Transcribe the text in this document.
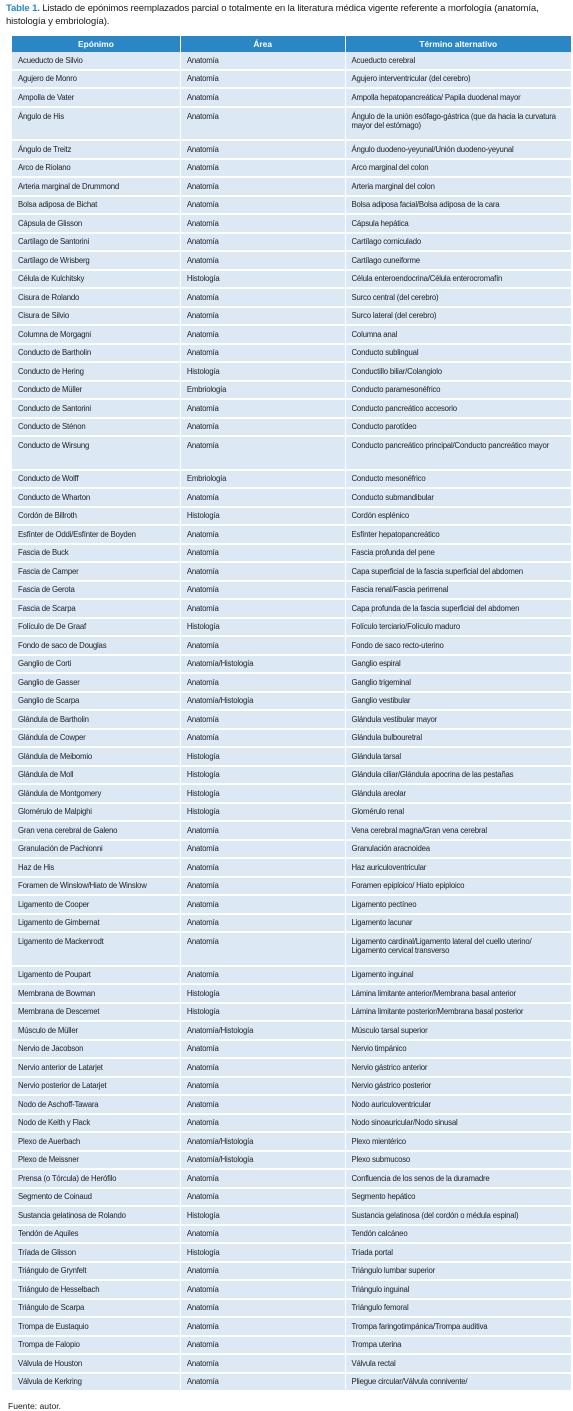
Table 1. Listado de epónimos reemplazados parcial o totalmente en la literatura médica vigente referente a morfología (anatomía, histología y embriología).
Epónimo	Área	Término alternativo
Acueducto de Silvio	Anatomía	Acueducto cerebral
Agujero de Monro	Anatomía	Agujero interventricular (del cerebro)
Ampolla de Vater	Anatomía	Ampolla hepatopancreática/ Papila duodenal mayor
Ángulo de His	Anatomía	Ángulo de la unión esófago-gástrica (que da hacia la curvatura mayor del estómago)
Ángulo de Treitz	Anatomía	Ángulo duodeno-yeyunal/Unión duodeno-yeyunal
Arco de Riolano	Anatomía	Arco marginal del colon
Arteria marginal de Drummond	Anatomía	Arteria marginal del colon
Bolsa adiposa de Bichat	Anatomía	Bolsa adiposa facial/Bolsa adiposa de la cara
Cápsula de Glisson	Anatomía	Cápsula hepática
Cartílago de Santorini	Anatomía	Cartílago corniculado
Cartílago de Wrisberg	Anatomía	Cartílago cuneiforme
Célula de Kulchitsky	Histología	Célula enteroendocrina/Célula enterocromafín
Cisura de Rolando	Anatomía	Surco central (del cerebro)
Cisura de Silvio	Anatomía	Surco lateral (del cerebro)
Columna de Morgagni	Anatomía	Columna anal
Conducto de Bartholin	Anatomía	Conducto sublingual
Conducto de Hering	Histología	Conductillo biliar/Colangiolo
Conducto de Müller	Embriología	Conducto paramesonéfrico
Conducto de Santorini	Anatomía	Conducto pancreático accesorio
Conducto de Sténon	Anatomía	Conducto parotídeo
Conducto de Wirsung	Anatomía	Conducto pancreático principal/Conducto pancreático mayor
Conducto de Wolff	Embriología	Conducto mesonéfrico
Conducto de Wharton	Anatomía	Conducto submandibular
Cordón de Billroth	Histología	Cordón esplénico
Esfínter de Oddi/Esfínter de Boyden	Anatomía	Esfínter hepatopancreático
Fascia de Buck	Anatomía	Fascia profunda del pene
Fascia de Camper	Anatomía	Capa superficial de la fascia superficial del abdomen
Fascia de Gerota	Anatomía	Fascia renal/Fascia perirrenal
Fascia de Scarpa	Anatomía	Capa profunda de la fascia superficial del abdomen
Folículo de De Graaf	Histología	Folículo terciario/Folículo maduro
Fondo de saco de Douglas	Anatomía	Fondo de saco recto-uterino
Ganglio de Corti	Anatomía/Histología	Ganglio espiral
Ganglio de Gasser	Anatomía	Ganglio trigeminal
Ganglio de Scarpa	Anatomía/Histología	Ganglio vestibular
Glándula de Bartholin	Anatomía	Glándula vestibular mayor
Glándula de Cowper	Anatomía	Glándula bulbouretral
Glándula de Meibomio	Histología	Glándula tarsal
Glándula de Moll	Histología	Glándula ciliar/Glándula apocrina de las pestañas
Glándula de Montgomery	Histología	Glándula areolar
Glomérulo de Malpighi	Histología	Glomérulo renal
Gran vena cerebral de Galeno	Anatomía	Vena cerebral magna/Gran vena cerebral
Granulación de Pachionni	Anatomía	Granulación aracnoidea
Haz de His	Anatomía	Haz auriculoventricular
Foramen de Winslow/Hiato de Winslow	Anatomía	Foramen epiploico/ Hiato epiploico
Ligamento de Cooper	Anatomía	Ligamento pectíneo
Ligamento de Gimbernat	Anatomía	Ligamento lacunar
Ligamento de Mackenrodt	Anatomía	Ligamento cardinal/Ligamento lateral del cuello uterino/ Ligamento cervical transverso
Ligamento de Poupart	Anatomía	Ligamento inguinal
Membrana de Bowman	Histología	Lámina limitante anterior/Membrana basal anterior
Membrana de Descemet	Histología	Lámina limitante posterior/Membrana basal posterior
Músculo de Müller	Anatomía/Histología	Músculo tarsal superior
Nervio de Jacobson	Anatomía	Nervio timpánico
Nervio anterior de Latarjet	Anatomía	Nervio gástrico anterior
Nervio posterior de Latarjet	Anatomía	Nervio gástrico posterior
Nodo de Aschoff-Tawara	Anatomía	Nodo auriculoventricular
Nodo de Keith y Flack	Anatomía	Nodo sinoauricular/Nodo sinusal
Plexo de Auerbach	Anatomía/Histología	Plexo mientérico
Plexo de Meissner	Anatomía/Histología	Plexo submucoso
Prensa (o Tórcula) de Herófilo	Anatomía	Confluencia de los senos de la duramadre
Segmento de Coinaud	Anatomía	Segmento hepático
Sustancia gelatinosa de Rolando	Histología	Sustancia gelatinosa (del cordón o médula espinal)
Tendón de Aquiles	Anatomía	Tendón calcáneo
Tríada de Glisson	Histología	Tríada portal
Triángulo de Grynfelt	Anatomía	Triángulo lumbar superior
Triángulo de Hesselbach	Anatomía	Triángulo inguinal
Triángulo de Scarpa	Anatomía	Triángulo femoral
Trompa de Eustaquio	Anatomía	Trompa faringotimpánica/Trompa auditiva
Trompa de Falopio	Anatomía	Trompa uterina
Válvula de Houston	Anatomía	Válvula rectal
Válvula de Kerkring	Anatomía	Pliegue circular/Válvula connivente/
Fuente: autor.
